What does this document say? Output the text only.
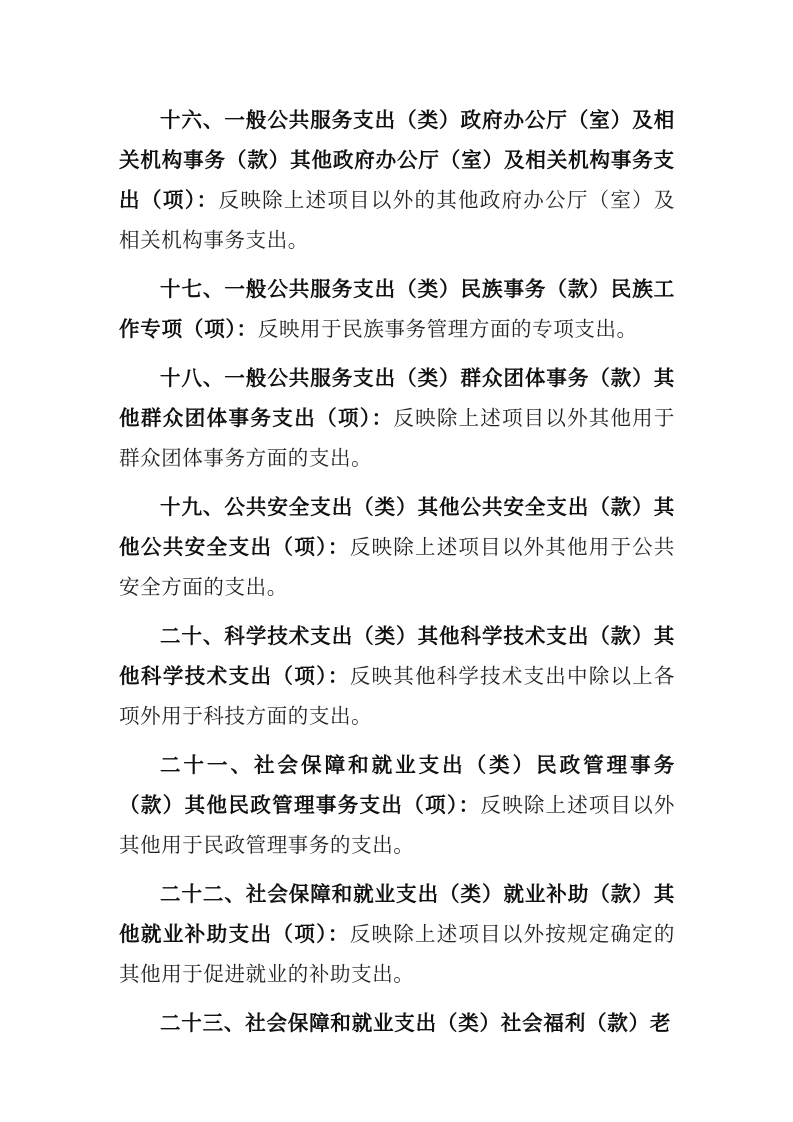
十六、一般公共服务支出（类）政府办公厅（室）及相关机构事务（款）其他政府办公厅（室）及相关机构事务支出（项）：反映除上述项目以外的其他政府办公厅（室）及相关机构事务支出。

十七、一般公共服务支出（类）民族事务（款）民族工作专项（项）：反映用于民族事务管理方面的专项支出。

十八、一般公共服务支出（类）群众团体事务（款）其他群众团体事务支出（项）：反映除上述项目以外其他用于群众团体事务方面的支出。

十九、公共安全支出（类）其他公共安全支出（款）其他公共安全支出（项）：反映除上述项目以外其他用于公共安全方面的支出。

二十、科学技术支出（类）其他科学技术支出（款）其他科学技术支出（项）：反映其他科学技术支出中除以上各项外用于科技方面的支出。

二十一、社会保障和就业支出（类）民政管理事务（款）其他民政管理事务支出（项）：反映除上述项目以外其他用于民政管理事务的支出。

二十二、社会保障和就业支出（类）就业补助（款）其他就业补助支出（项）：反映除上述项目以外按规定确定的其他用于促进就业的补助支出。

二十三、社会保障和就业支出（类）社会福利（款）老
